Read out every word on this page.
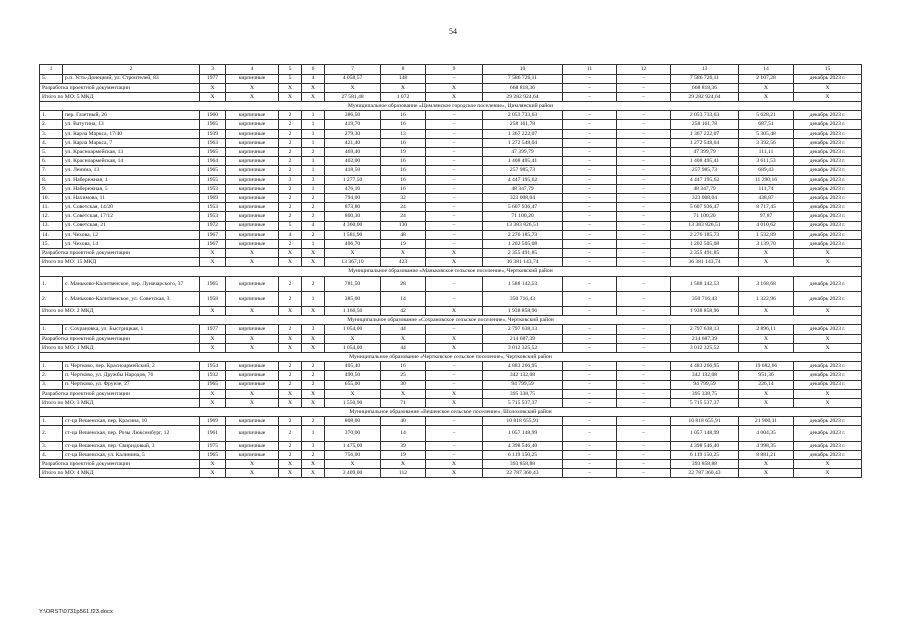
54
1	2	3	4	5	6	7	8	9	10	11	12	13	14	15
5.	р.п. Усть-Донецкий, ул. Строителей, 83	1977	кирпичные	5	4	4 058,57	148	–	7 586 726,11	–	–	7 586 726,11	2 107,28	декабрь 2023 г.
Разработка проектной документации		X	X	X	X	X	X	X	668 818,36	–	–	668 818,36	X	X
Итого по МО: 5 МКД		X	X	X	X	27 581,48	1 072	X	29 282 924,64	–	–	29 282 924,64	X	X
Муниципальное образование «Цимлянское городское поселение», Цимлянский район														
1.	пер. Газетный, 26	1960	кирпичные	2	1	386,50	16	–	2 053 733,63	–	–	2 053 733,63	5 628,21	декабрь 2023 г.
2.	ул. Ватутина, 13	1965	кирпичные	2	1	419,70	16	–	258 161,78	–	–	258 161,78	687,51	декабрь 2023 г.
3.	ул. Карла Маркса, 17/40	1939	кирпичные	2	1	279,30	13	–	1 367 222,07	–	–	1 367 222,07	5 305,48	декабрь 2023 г.
4.	ул. Карла Маркса, 7	1963	кирпичные	2	1	421,40	16	–	1 272 548,04	–	–	1 272 548,04	3 392,56	декабрь 2023 г.
5.	ул. Красноармейская, 13	1965	кирпичные	2	2	469,40	19	–	47 399,79	–	–	47 399,79	111,11	декабрь 2023 г.
6.	ул. Красноармейская, 14	1964	кирпичные	2	1	402,00	16	–	1 408 495,41	–	–	1 408 495,41	3 611,53	декабрь 2023 г.
7.	ул. Ленина, 13	1965	кирпичные	2	1	418,50	16	–	257 985,73	–	–	257 985,73	689,43	декабрь 2023 г.
8.	ул. Набережная, 1	1955	кирпичные	3	3	1 277,50	16	–	4 447 195,62	–	–	4 447 195,62	11 290,16	декабрь 2023 г.
9.	ул. Набережная, 5	1953	кирпичные	2	1	476,10	16	–	48 347,79	–	–	48 347,79	111,74	декабрь 2023 г.
10.	ул. Нахимова, 11	1969	кирпичные	2	2	794,00	32	–	323 008,04	–	–	323 008,04	438,87	декабрь 2023 г.
11.	ул. Советская, 14/20	1953	кирпичные	2	2	873,80	24	–	5 607 936,47	–	–	5 607 936,47	8 717,45	декабрь 2023 г.
12.	ул. Советская, 17/12	1953	кирпичные	2	2	800,30	24	–	71 100,20	–	–	71 100,20	97,87	декабрь 2023 г.
13.	ул. Советская, 21	1972	кирпичные	5	4	4 360,00	130	–	13 383 826,51	–	–	13 383 826,51	4 010,62	декабрь 2023 г.
14.	ул. Чехова, 12	1967	кирпичные	4	2	1 581,90	48	–	2 276 185,73	–	–	2 276 185,73	1 532,89	декабрь 2023 г.
15.	ул. Чехова, 14	1967	кирпичные	2	1	406,70	19	–	1 202 505,08	–	–	1 202 505,08	3 139,70	декабрь 2023 г.
Разработка проектной документации		X	X	X	X	X	X	X	2 355 491,85	–	–	2 355 491,85	X	X
Итого по МО: 15 МКД		X	X	X	X	13 367,10	423	X	36 381 143,74	–	–	36 381 143,74	X	X
Муниципальное образование «Маньковское сельское поселение», Чертковский район														
1.	с. Маньково-Калитвенское, пер. Луначарского, 37	1965	кирпичные	2	2	781,50	28	–	1 588 142,53	–	–	1 588 142,53	3 168,68	декабрь 2023 г.
2.	с. Маньково-Калитвенское, ул. Советская, 3	1958	кирпичные	2	1	385,00	14	–	350 716,43	–	–	350 716,43	1 322,96	декабрь 2023 г.
Итого по МО: 2 МКД		X	X	X	X	1 166,50	42	X	1 938 858,96	–	–	1 938 858,96	X	X
Муниципальное образование «Сохрановское сельское поселение», Чертковский район														
1.	с. Сохрановка, ул. Быстрицкая, 1	1977	кирпичные	2	3	1 054,00	44	–	2 797 638,13	–	–	2 797 638,13	2 896,11	декабрь 2023 г.
Разработка проектной документации		X	X	X	X	X	X	X	214 687,39	–	–	214 687,39	X	X
Итого по МО: 1 МКД		X	X	X	X	1 054,00	44	X	3 012 325,52	–	–	3 012 325,52	X	X
Муниципальное образование «Чертковское сельское поселение», Чертковский район														
1.	п. Чертково, пер. Красноармейский, 2	1954	кирпичные	2	2	405,40	16	–	4 883 266,95	–	–	4 483 266,95	19 682,66	декабрь 2023 г.
2.	п. Чертково, ул. Дружбы Народов, 76	1932	кирпичные	2	2	490,50	25	–	342 132,08	–	–	342 132,08	951,36	декабрь 2023 г.
3.	п. Чертково, ул. Фрунзе, 27	1965	кирпичные	2	2	655,00	30	–	94 799,59	–	–	94 799,59	226,14	декабрь 2023 г.
Разработка проектной документации		X	X	X	X	X	X	X	395 338,75	–	–	395 338,75	X	X
Итого по МО: 3 МКД		X	X	X	X	1 550,90	71	X	5 715 537,37	–	–	5 715 537,37	X	X
Муниципальное образование «Вешенское сельское поселение», Шолоховский район														
1.	ст-ца Вешенская, пер. Красина, 10	1969	кирпичные	2	2	808,00	40	–	10 818 655,91	–	–	10 818 655,91	21 900,11	декабрь 2023 г.
2.	ст-ца Вешенская, пер. Розы Люксембург, 12	1961	кирпичные	2	1	370,00	14	–	1 057 148,99	–	–	1 057 148,99	4 004,35	декабрь 2023 г.
3.	ст-ца Вешенская, пер. Свиридовый, 3	1975	кирпичные	2	3	1 475,00	39	–	4 398 546,40	–	–	4 398 546,40	4 998,35	декабрь 2023 г.
4.	ст-ца Вешенская, ул. Калинина, 5	1965	кирпичные	2	2	756,00	19	–	6 119 150,25	–	–	6 119 150,25	8 881,21	декабрь 2023 г.
Разработка проектной документации		X	X	X	X	X	X	X	393 858,88	–	–	393 858,88	X	X
Итого по МО: 4 МКД		X	X	X	X	3 409,00	112	X	22 787 360,43	–	–	22 787 360,43	X	X
Y:\ORST\0731p561.f23.docx
